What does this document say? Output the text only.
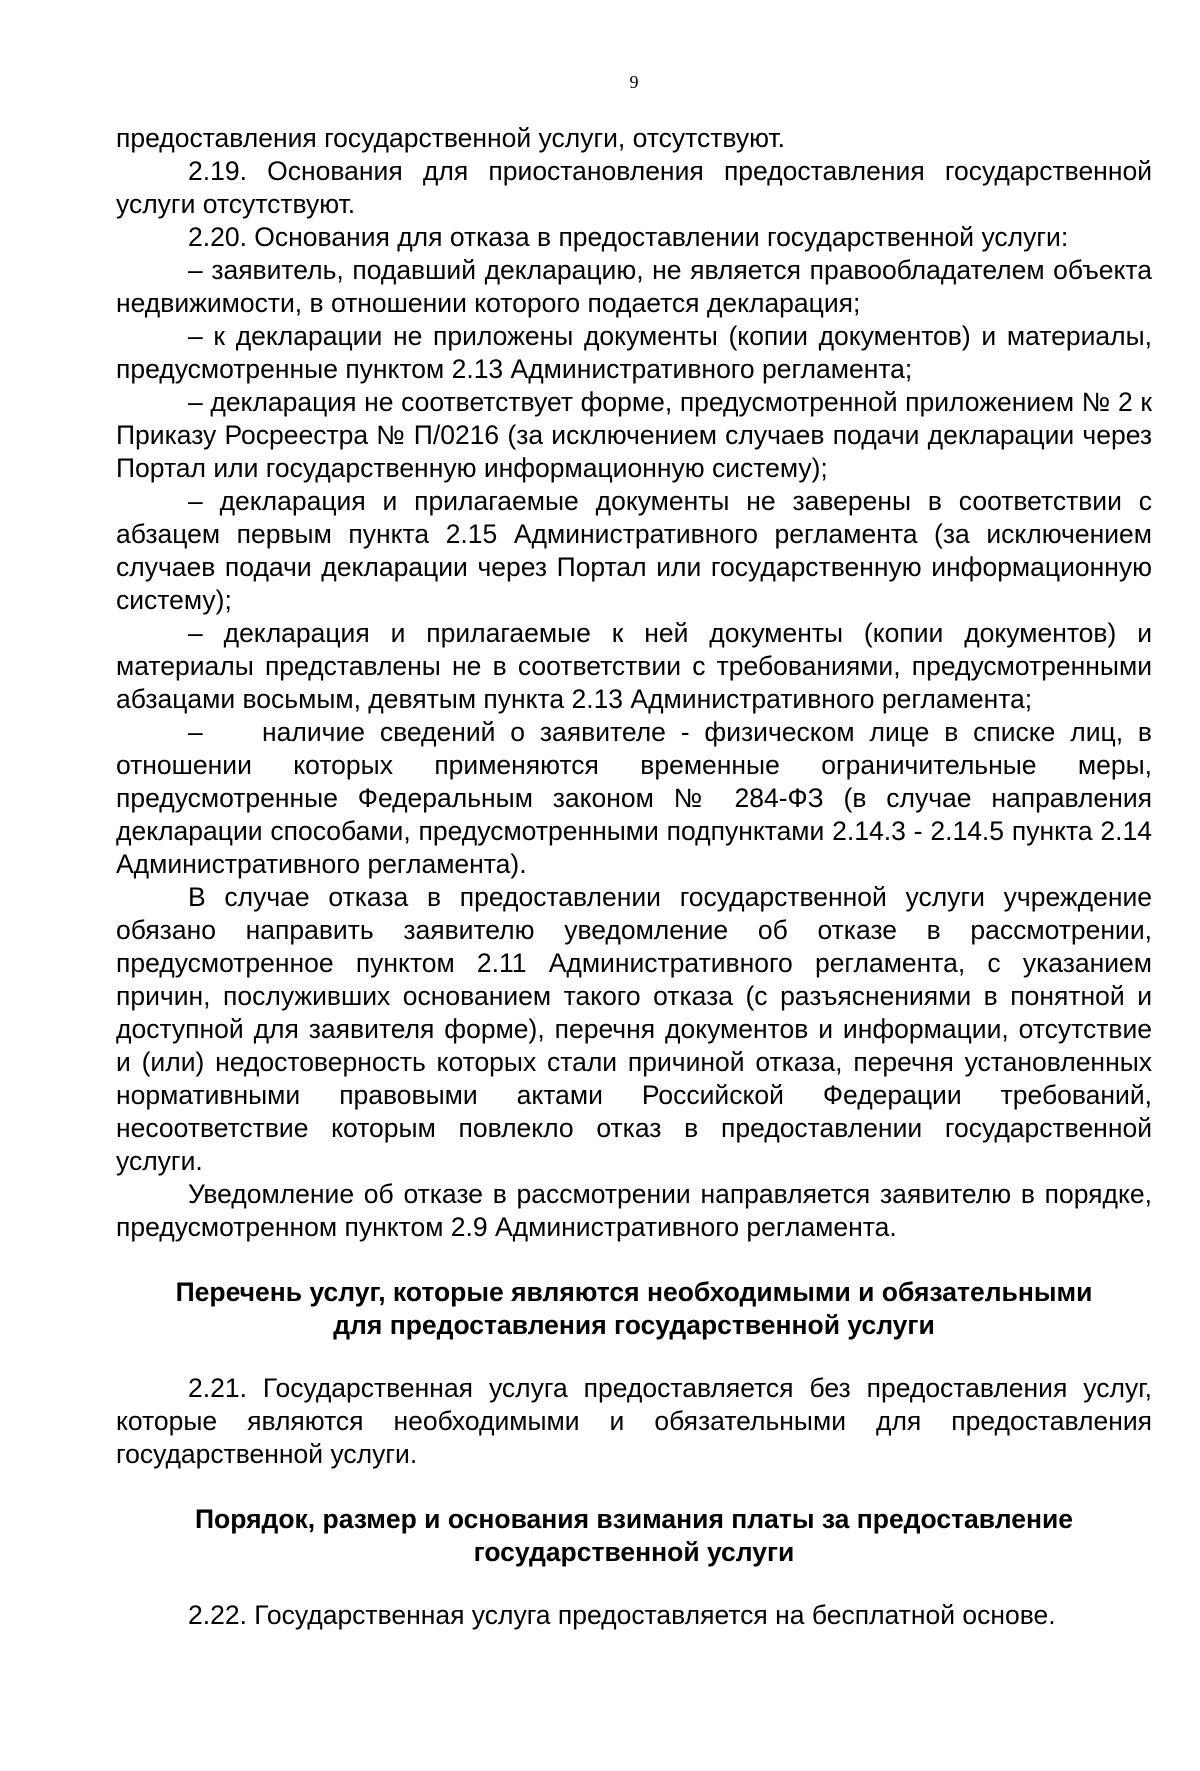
9

предоставления государственной услуги, отсутствуют.

2.19. Основания для приостановления предоставления государственной услуги отсутствуют.

2.20. Основания для отказа в предоставлении государственной услуги:

– заявитель, подавший декларацию, не является правообладателем объекта недвижимости, в отношении которого подается декларация;

– к декларации не приложены документы (копии документов) и материалы, предусмотренные пунктом 2.13 Административного регламента;

– декларация не соответствует форме, предусмотренной приложением № 2 к Приказу Росреестра № П/0216 (за исключением случаев подачи декларации через Портал или государственную информационную систему);

– декларация и прилагаемые документы не заверены в соответствии с абзацем первым пункта 2.15 Административного регламента (за исключением случаев подачи декларации через Портал или государственную информационную систему);

– декларация и прилагаемые к ней документы (копии документов) и материалы представлены не в соответствии с требованиями, предусмотренными абзацами восьмым, девятым пункта 2.13 Административного регламента;

– наличие сведений о заявителе - физическом лице в списке лиц, в отношении которых применяются временные ограничительные меры, предусмотренные Федеральным законом № 284-ФЗ (в случае направления декларации способами, предусмотренными подпунктами 2.14.3 - 2.14.5 пункта 2.14 Административного регламента).

В случае отказа в предоставлении государственной услуги учреждение обязано направить заявителю уведомление об отказе в рассмотрении, предусмотренное пунктом 2.11 Административного регламента, с указанием причин, послуживших основанием такого отказа (с разъяснениями в понятной и доступной для заявителя форме), перечня документов и информации, отсутствие и (или) недостоверность которых стали причиной отказа, перечня установленных нормативными правовыми актами Российской Федерации требований, несоответствие которым повлекло отказ в предоставлении государственной услуги.

Уведомление об отказе в рассмотрении направляется заявителю в порядке, предусмотренном пунктом 2.9 Административного регламента.

Перечень услуг, которые являются необходимыми и обязательными
для предоставления государственной услуги

2.21. Государственная услуга предоставляется без предоставления услуг, которые являются необходимыми и обязательными для предоставления государственной услуги.

Порядок, размер и основания взимания платы за предоставление
государственной услуги

2.22. Государственная услуга предоставляется на бесплатной основе.
